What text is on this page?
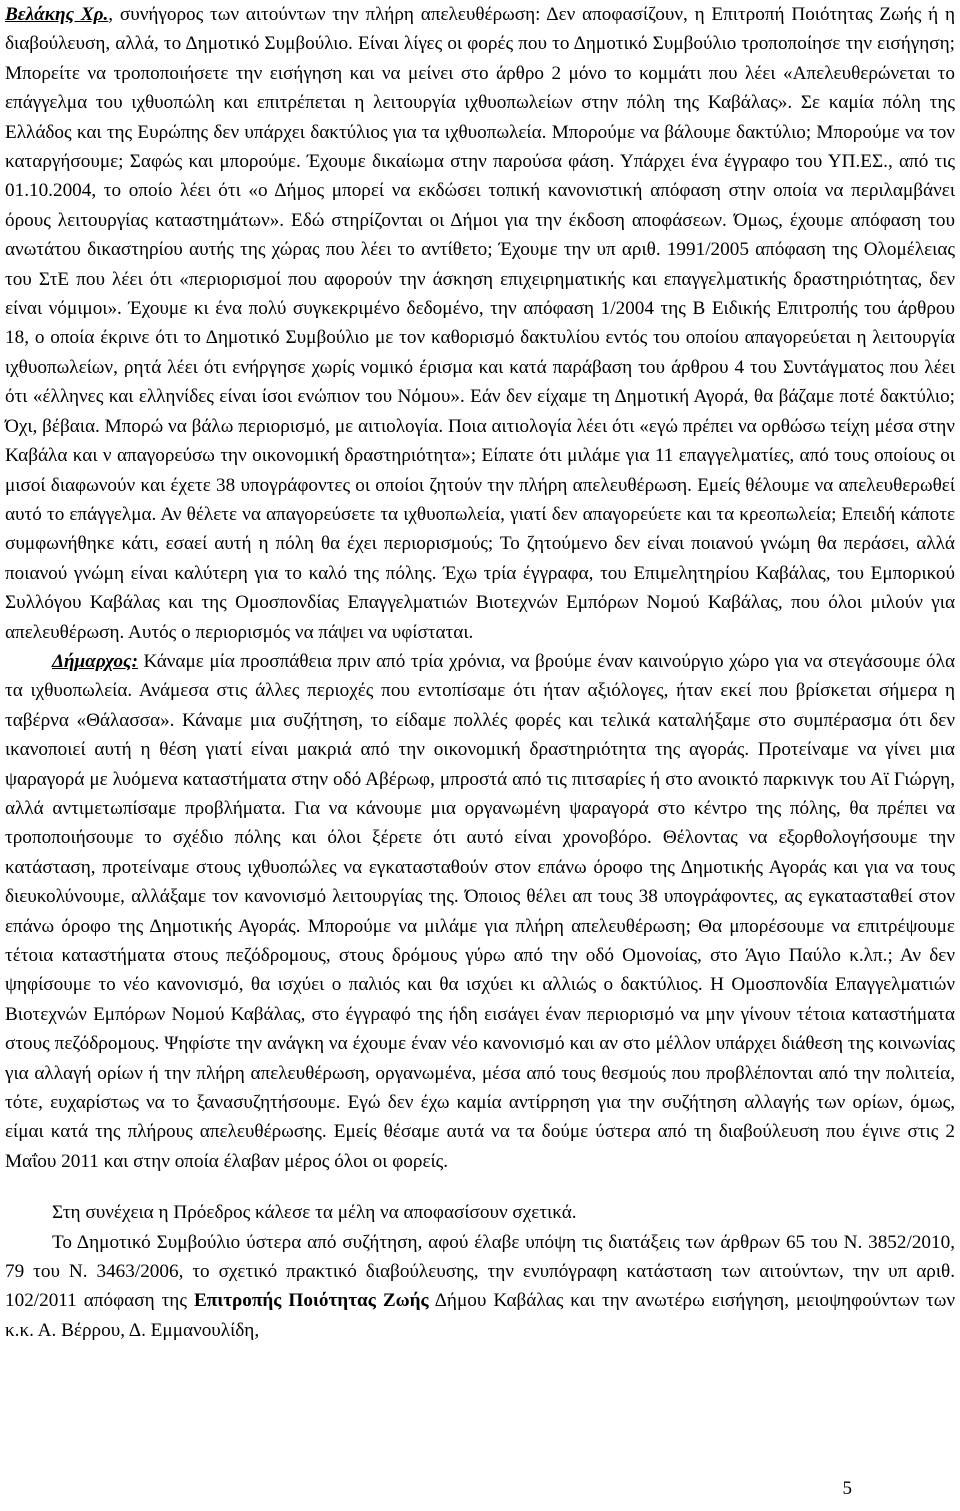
Βελάκης Χρ., συνήγορος των αιτούντων την πλήρη απελευθέρωση: Δεν αποφασίζουν, η Επιτροπή Ποιότητας Ζωής ή η διαβούλευση, αλλά, το Δημοτικό Συμβούλιο. Είναι λίγες οι φορές που το Δημοτικό Συμβούλιο τροποποίησε την εισήγηση; Μπορείτε να τροποποιήσετε την εισήγηση και να μείνει στο άρθρο 2 μόνο το κομμάτι που λέει «Απελευθερώνεται το επάγγελμα του ιχθυοπώλη και επιτρέπεται η λειτουργία ιχθυοπωλείων στην πόλη της Καβάλας». Σε καμία πόλη της Ελλάδος και της Ευρώπης δεν υπάρχει δακτύλιος για τα ιχθυοπωλεία. Μπορούμε να βάλουμε δακτύλιο; Μπορούμε να τον καταργήσουμε; Σαφώς και μπορούμε. Έχουμε δικαίωμα στην παρούσα φάση. Υπάρχει ένα έγγραφο του ΥΠ.ΕΣ., από τις 01.10.2004, το οποίο λέει ότι «ο Δήμος μπορεί να εκδώσει τοπική κανονιστική απόφαση στην οποία να περιλαμβάνει όρους λειτουργίας καταστημάτων». Εδώ στηρίζονται οι Δήμοι για την έκδοση αποφάσεων. Όμως, έχουμε απόφαση του ανωτάτου δικαστηρίου αυτής της χώρας που λέει το αντίθετο; Έχουμε την υπ αριθ. 1991/2005 απόφαση της Ολομέλειας του ΣτΕ που λέει ότι «περιορισμοί που αφορούν την άσκηση επιχειρηματικής και επαγγελματικής δραστηριότητας, δεν είναι νόμιμοι». Έχουμε κι ένα πολύ συγκεκριμένο δεδομένο, την απόφαση 1/2004 της Β Ειδικής Επιτροπής του άρθρου 18, ο οποία έκρινε ότι το Δημοτικό Συμβούλιο με τον καθορισμό δακτυλίου εντός του οποίου απαγορεύεται η λειτουργία ιχθυοπωλείων, ρητά λέει ότι ενήργησε χωρίς νομικό έρισμα και κατά παράβαση του άρθρου 4 του Συντάγματος που λέει ότι «έλληνες και ελληνίδες είναι ίσοι ενώπιον του Νόμου». Εάν δεν είχαμε τη Δημοτική Αγορά, θα βάζαμε ποτέ δακτύλιο; Όχι, βέβαια. Μπορώ να βάλω περιορισμό, με αιτιολογία. Ποια αιτιολογία λέει ότι «εγώ πρέπει να ορθώσω τείχη μέσα στην Καβάλα και ν απαγορεύσω την οικονομική δραστηριότητα»; Είπατε ότι μιλάμε για 11 επαγγελματίες, από τους οποίους οι μισοί διαφωνούν και έχετε 38 υπογράφοντες οι οποίοι ζητούν την πλήρη απελευθέρωση. Εμείς θέλουμε να απελευθερωθεί αυτό το επάγγελμα. Αν θέλετε να απαγορεύσετε τα ιχθυοπωλεία, γιατί δεν απαγορεύετε και τα κρεοπωλεία; Επειδή κάποτε συμφωνήθηκε κάτι, εσαεί αυτή η πόλη θα έχει περιορισμούς; Το ζητούμενο δεν είναι ποιανού γνώμη θα περάσει, αλλά ποιανού γνώμη είναι καλύτερη για το καλό της πόλης. Έχω τρία έγγραφα, του Επιμελητηρίου Καβάλας, του Εμπορικού Συλλόγου Καβάλας και της Ομοσπονδίας Επαγγελματιών Βιοτεχνών Εμπόρων Νομού Καβάλας, που όλοι μιλούν για απελευθέρωση. Αυτός ο περιορισμός να πάψει να υφίσταται.

Δήμαρχος: Κάναμε μία προσπάθεια πριν από τρία χρόνια, να βρούμε έναν καινούργιο χώρο για να στεγάσουμε όλα τα ιχθυοπωλεία. Ανάμεσα στις άλλες περιοχές που εντοπίσαμε ότι ήταν αξιόλογες, ήταν εκεί που βρίσκεται σήμερα η ταβέρνα «Θάλασσα». Κάναμε μια συζήτηση, το είδαμε πολλές φορές και τελικά καταλήξαμε στο συμπέρασμα ότι δεν ικανοποιεί αυτή η θέση γιατί είναι μακριά από την οικονομική δραστηριότητα της αγοράς. Προτείναμε να γίνει μια ψαραγορά με λυόμενα καταστήματα στην οδό Αβέρωφ, μπροστά από τις πιτσαρίες ή στο ανοικτό παρκινγκ του Αϊ Γιώργη, αλλά αντιμετωπίσαμε προβλήματα. Για να κάνουμε μια οργανωμένη ψαραγορά στο κέντρο της πόλης, θα πρέπει να τροποποιήσουμε το σχέδιο πόλης και όλοι ξέρετε ότι αυτό είναι χρονοβόρο. Θέλοντας να εξορθολογήσουμε την κατάσταση, προτείναμε στους ιχθυοπώλες να εγκατασταθούν στον επάνω όροφο της Δημοτικής Αγοράς και για να τους διευκολύνουμε, αλλάξαμε τον κανονισμό λειτουργίας της. Όποιος θέλει απ τους 38 υπογράφοντες, ας εγκατασταθεί στον επάνω όροφο της Δημοτικής Αγοράς. Μπορούμε να μιλάμε για πλήρη απελευθέρωση; Θα μπορέσουμε να επιτρέψουμε τέτοια καταστήματα στους πεζόδρομους, στους δρόμους γύρω από την οδό Ομονοίας, στο Άγιο Παύλο κ.λπ.; Αν δεν ψηφίσουμε το νέο κανονισμό, θα ισχύει ο παλιός και θα ισχύει κι αλλιώς ο δακτύλιος. Η Ομοσπονδία Επαγγελματιών Βιοτεχνών Εμπόρων Νομού Καβάλας, στο έγγραφό της ήδη εισάγει έναν περιορισμό να μην γίνουν τέτοια καταστήματα στους πεζόδρομους. Ψηφίστε την ανάγκη να έχουμε έναν νέο κανονισμό και αν στο μέλλον υπάρχει διάθεση της κοινωνίας για αλλαγή ορίων ή την πλήρη απελευθέρωση, οργανωμένα, μέσα από τους θεσμούς που προβλέπονται από την πολιτεία, τότε, ευχαρίστως να το ξανασυζητήσουμε. Εγώ δεν έχω καμία αντίρρηση για την συζήτηση αλλαγής των ορίων, όμως, είμαι κατά της πλήρους απελευθέρωσης. Εμείς θέσαμε αυτά να τα δούμε ύστερα από τη διαβούλευση που έγινε στις 2 Μαΐου 2011 και στην οποία έλαβαν μέρος όλοι οι φορείς.

Στη συνέχεια η Πρόεδρος κάλεσε τα μέλη να αποφασίσουν σχετικά.

Το Δημοτικό Συμβούλιο ύστερα από συζήτηση, αφού έλαβε υπόψη τις διατάξεις των άρθρων 65 του Ν. 3852/2010, 79 του Ν. 3463/2006, το σχετικό πρακτικό διαβούλευσης, την ενυπόγραφη κατάσταση των αιτούντων, την υπ αριθ. 102/2011 απόφαση της Επιτροπής Ποιότητας Ζωής Δήμου Καβάλας και την ανωτέρω εισήγηση, μειοψηφούντων των κ.κ. Α. Βέρρου, Δ. Εμμανουλίδη,

5
